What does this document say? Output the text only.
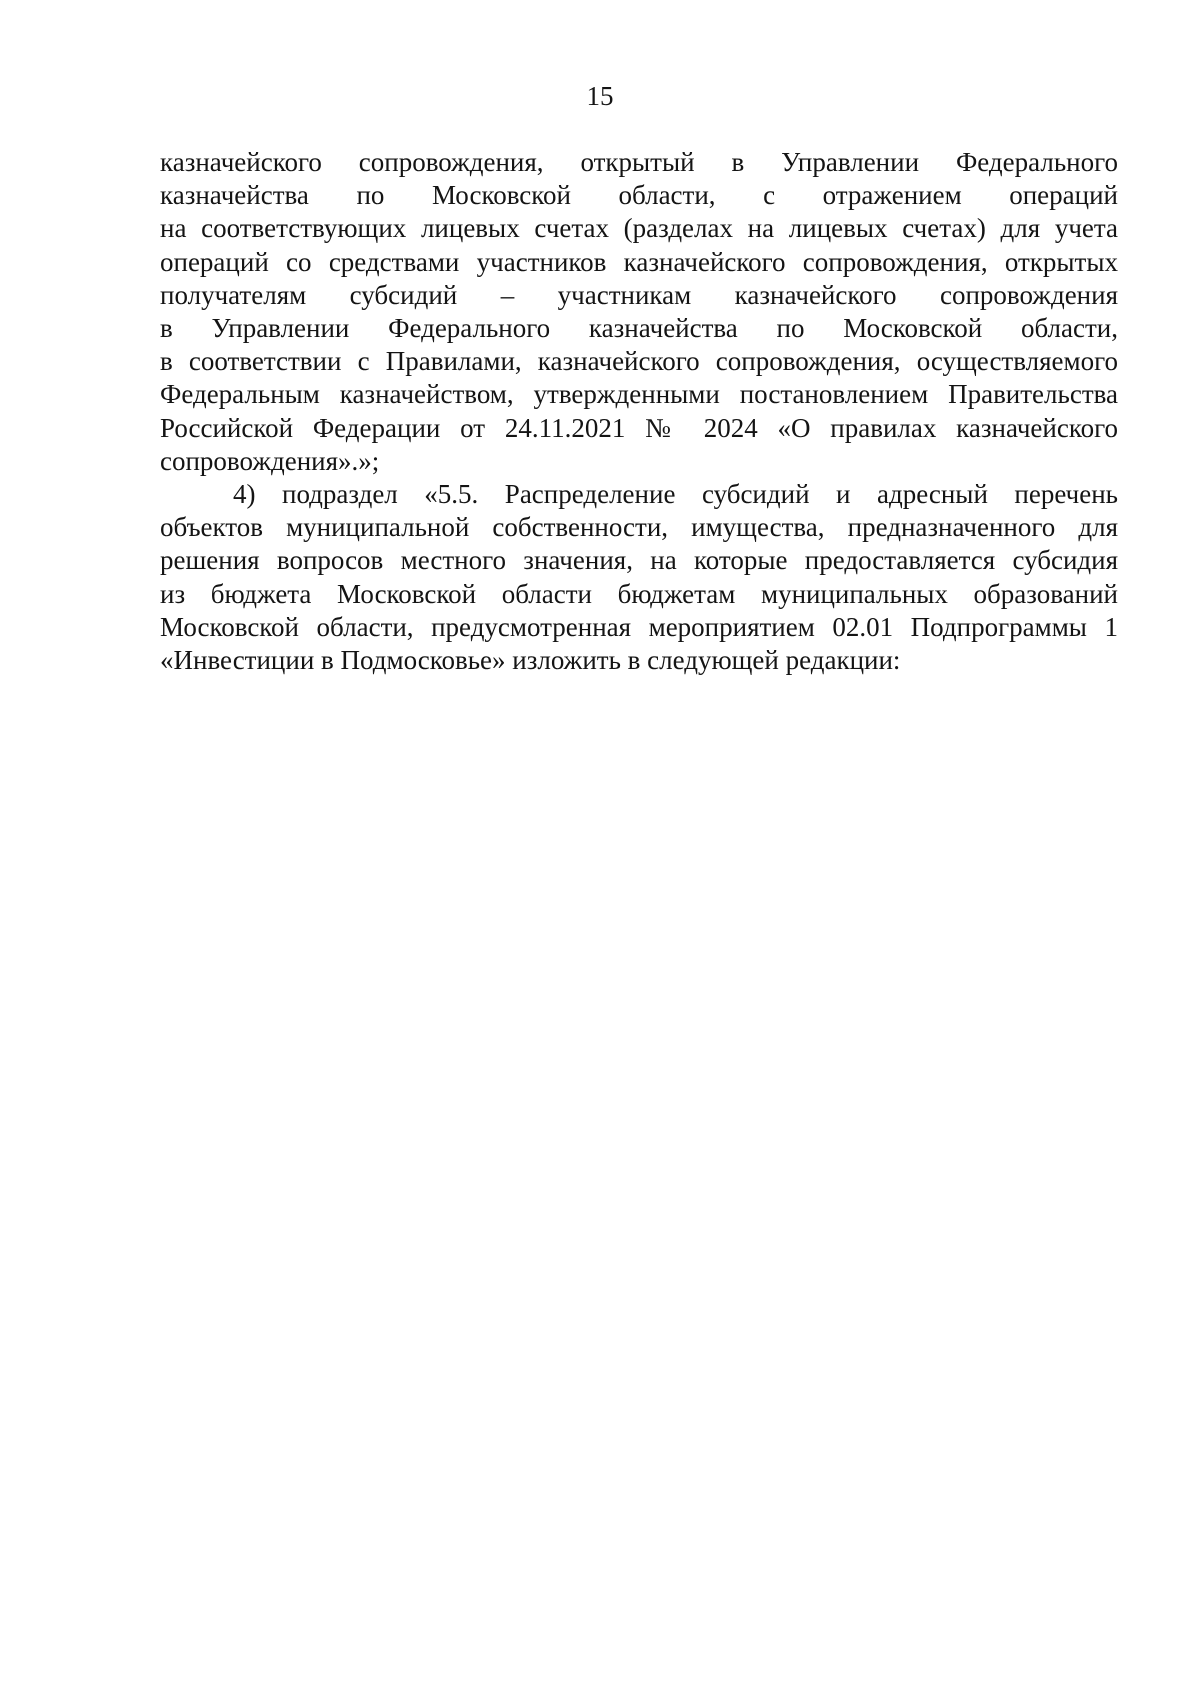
15
казначейского сопровождения, открытый в Управлении Федерального
казначейства по Московской области, с отражением операций
на соответствующих лицевых счетах (разделах на лицевых счетах) для учета
операций со средствами участников казначейского сопровождения, открытых
получателям субсидий – участникам казначейского сопровождения
в Управлении Федерального казначейства по Московской области,
в соответствии с Правилами, казначейского сопровождения, осуществляемого
Федеральным казначейством, утвержденными постановлением Правительства
Российской Федерации от 24.11.2021 № 2024 «О правилах казначейского
сопровождения».»;
4) подраздел «5.5. Распределение субсидий и адресный перечень
объектов муниципальной собственности, имущества, предназначенного для
решения вопросов местного значения, на которые предоставляется субсидия
из бюджета Московской области бюджетам муниципальных образований
Московской области, предусмотренная мероприятием 02.01 Подпрограммы 1
«Инвестиции в Подмосковье» изложить в следующей редакции:
